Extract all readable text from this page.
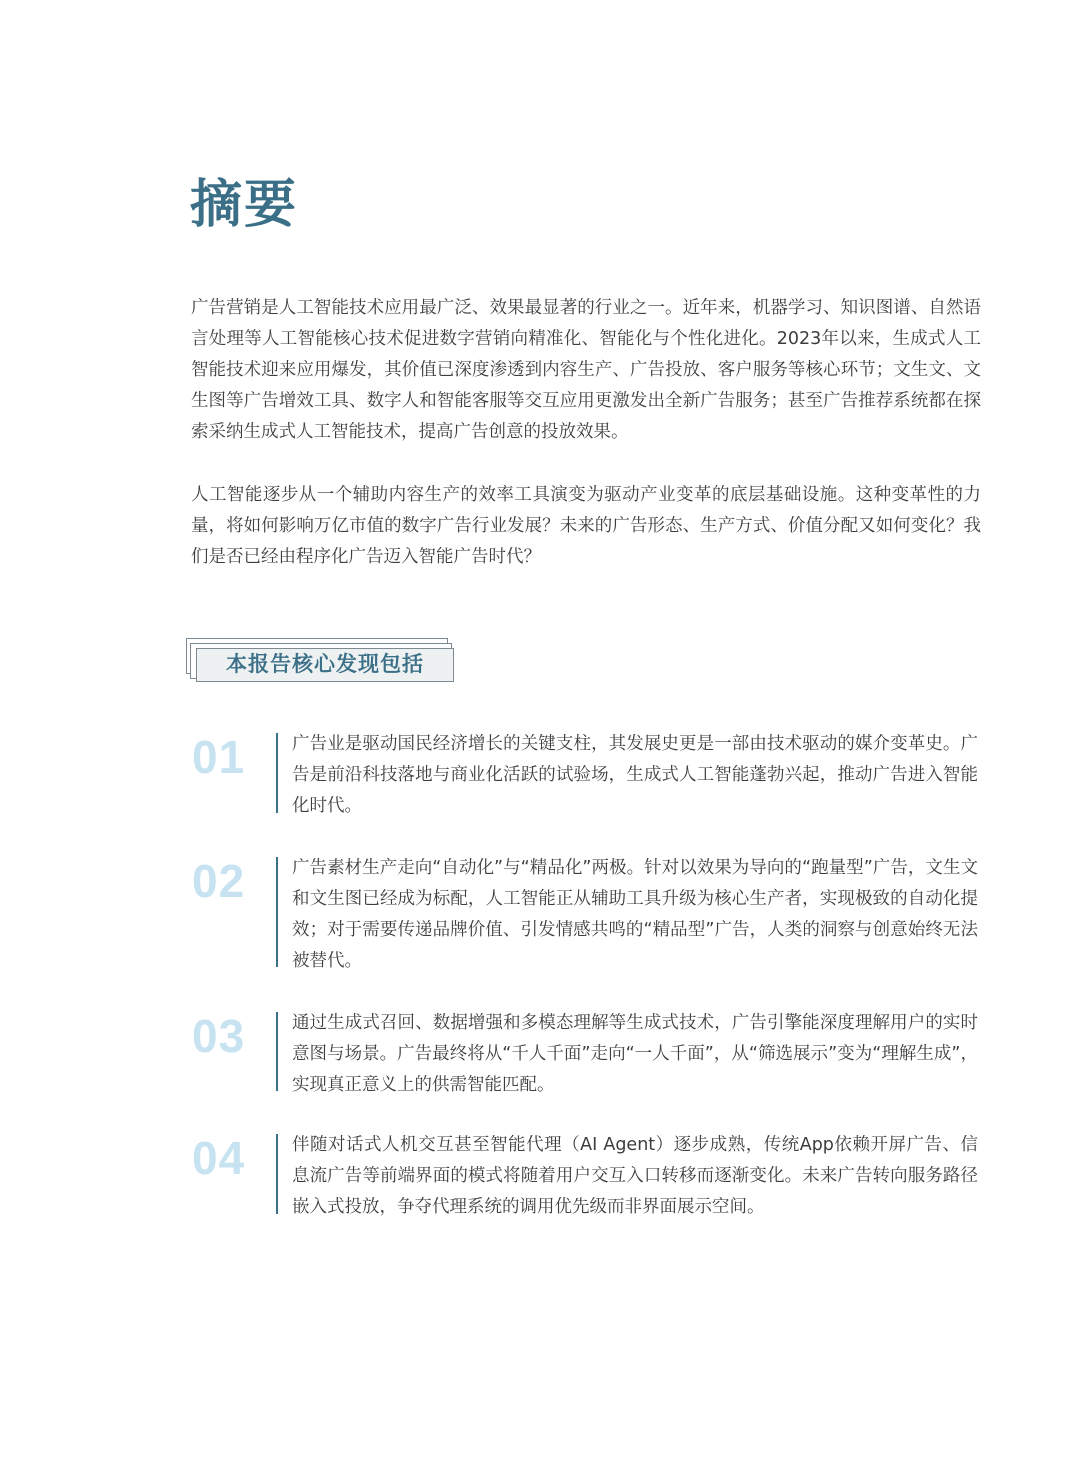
摘要

广告营销是人工智能技术应用最广泛、效果最显著的行业之一。近年来，机器学习、知识图谱、自然语言处理等人工智能核心技术促进数字营销向精准化、智能化与个性化进化。2023年以来，生成式人工智能技术迎来应用爆发，其价值已深度渗透到内容生产、广告投放、客户服务等核心环节；文生文、文生图等广告增效工具、数字人和智能客服等交互应用更激发出全新广告服务；甚至广告推荐系统都在探索采纳生成式人工智能技术，提高广告创意的投放效果。

人工智能逐步从一个辅助内容生产的效率工具演变为驱动产业变革的底层基础设施。这种变革性的力量，将如何影响万亿市值的数字广告行业发展？未来的广告形态、生产方式、价值分配又如何变化？我们是否已经由程序化广告迈入智能广告时代？

本报告核心发现包括
01	广告业是驱动国民经济增长的关键支柱，其发展史更是一部由技术驱动的媒介变革史。广告是前沿科技落地与商业化活跃的试验场，生成式人工智能蓬勃兴起，推动广告进入智能化时代。

02	广告素材生产走向“自动化”与“精品化”两极。针对以效果为导向的“跑量型”广告，文生文和文生图已经成为标配，人工智能正从辅助工具升级为核心生产者，实现极致的自动化提效；对于需要传递品牌价值、引发情感共鸣的“精品型”广告，人类的洞察与创意始终无法被替代。

03	通过生成式召回、数据增强和多模态理解等生成式技术，广告引擎能深度理解用户的实时意图与场景。广告最终将从“千人千面”走向“一人千面”，从“筛选展示”变为“理解生成”，实现真正意义上的供需智能匹配。

04	伴随对话式人机交互甚至智能代理（AI Agent）逐步成熟，传统App依赖开屏广告、信息流广告等前端界面的模式将随着用户交互入口转移而逐渐变化。未来广告转向服务路径嵌入式投放，争夺代理系统的调用优先级而非界面展示空间。
